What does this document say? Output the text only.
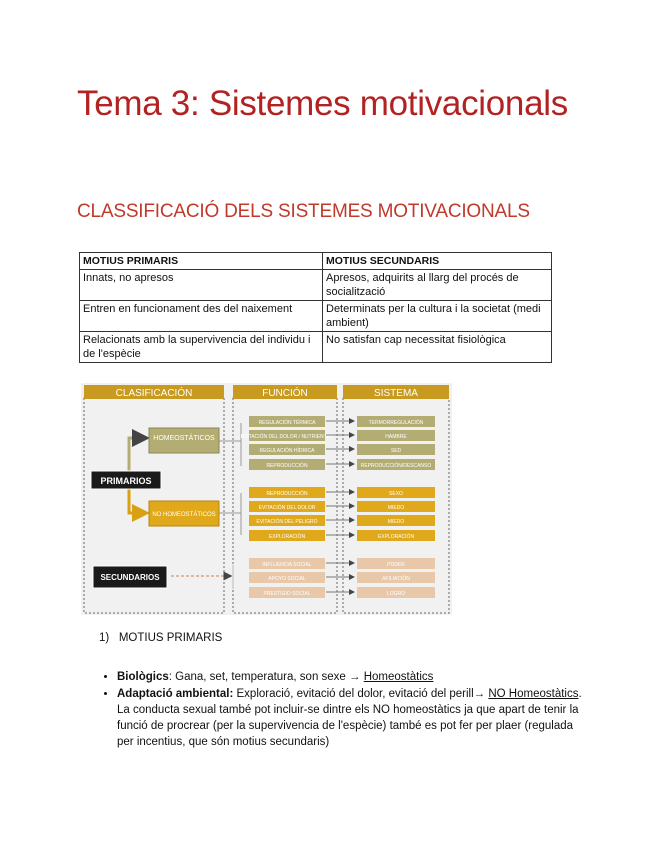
Tema 3: Sistemes motivacionals
CLASSIFICACIÓ DELS SISTEMES MOTIVACIONALS
MOTIUS PRIMARIS	MOTIUS SECUNDARIS
Innats, no apresos	Apresos, adquirits al llarg del procés de socialització
Entren en funcionament des del naixement	Determinats per la cultura i la societat (medi ambient)
Relacionats amb la supervivencia del individu i de l'espècie	No satisfan cap necessitat fisiològica
CLASIFICACIÓN	FUNCIÓN	SISTEMA
HOMEOSTÁTICOS
NO HOMEOSTÁTICOS
PRIMARIOS
SECUNDARIOS
REGULACIÓN TÉRMICA
EVITACIÓN DEL DOLOR / NUTRIENTES
REGULACIÓN HÍDRICA
REPRODUCCIÓN
TERMORREGULACIÓN
HAMBRE
SED
REPRODUCCIÓN/DESCANSO
REPRODUCCIÓN
EVITACIÓN DEL DOLOR
EVITACIÓN DEL PELIGRO
EXPLORACIÓN
SEXO
MIEDO
MIEDO
EXPLORACIÓN
INFLUENCIA SOCIAL
APOYO SOCIAL
PRESTIGIO SOCIAL
PODER
AFILIACIÓN
LOGRO
1) MOTIUS PRIMARIS
• Biològics: Gana, set, temperatura, son sexe → Homeostàtics
• Adaptació ambiental: Exploració, evitació del dolor, evitació del perill→ NO Homeostàtics. La conducta sexual també pot incluir-se dintre els NO homeostàtics ja que apart de tenir la funció de procrear (per la supervivencia de l'espècie) també es pot fer per plaer (regulada per incentius, que són motius secundaris)
